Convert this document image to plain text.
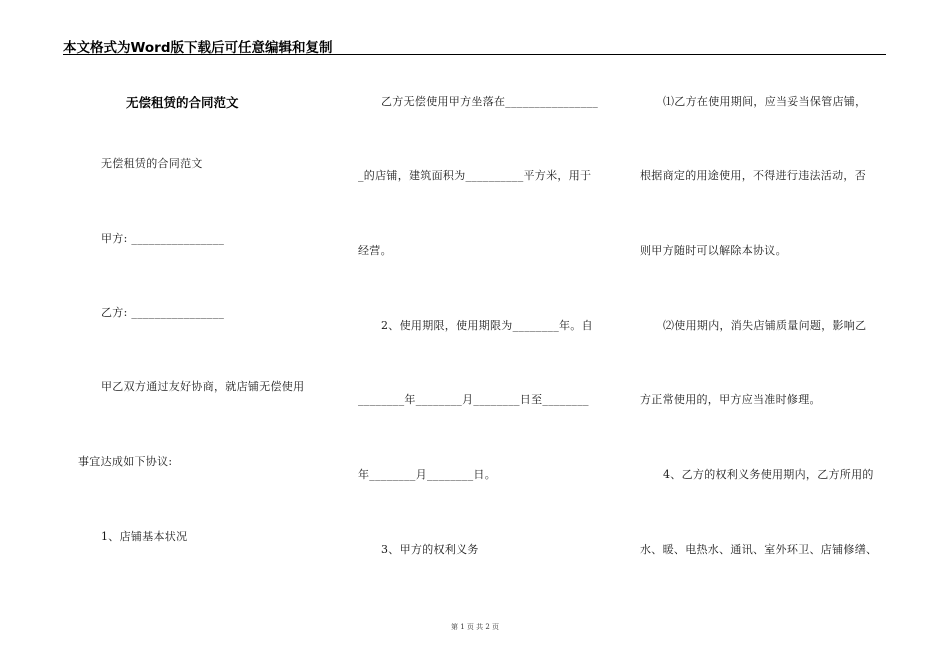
本文格式为Word版下载后可任意编辑和复制
无偿租赁的合同范文
无偿租赁的合同范文
甲方: ________________
乙方: ________________
甲乙双方通过友好协商，就店铺无偿使用
事宜达成如下协议:
1、店铺基本状况
乙方无偿使用甲方坐落在________________
_的店铺，建筑面积为__________平方米，用于
经营。
2、使用期限，使用期限为________年。自
________年________月________日至________
年________月________日。
3、甲方的权利义务
⑴乙方在使用期间，应当妥当保管店铺，
根据商定的用途使用，不得进行违法活动，否
则甲方随时可以解除本协议。
⑵使用期内，消失店铺质量问题，影响乙
方正常使用的，甲方应当准时修理。
4、乙方的权利义务使用期内，乙方所用的
水、暖、电热水、通讯、室外环卫、店铺修缮、
第 1 页 共 2 页
